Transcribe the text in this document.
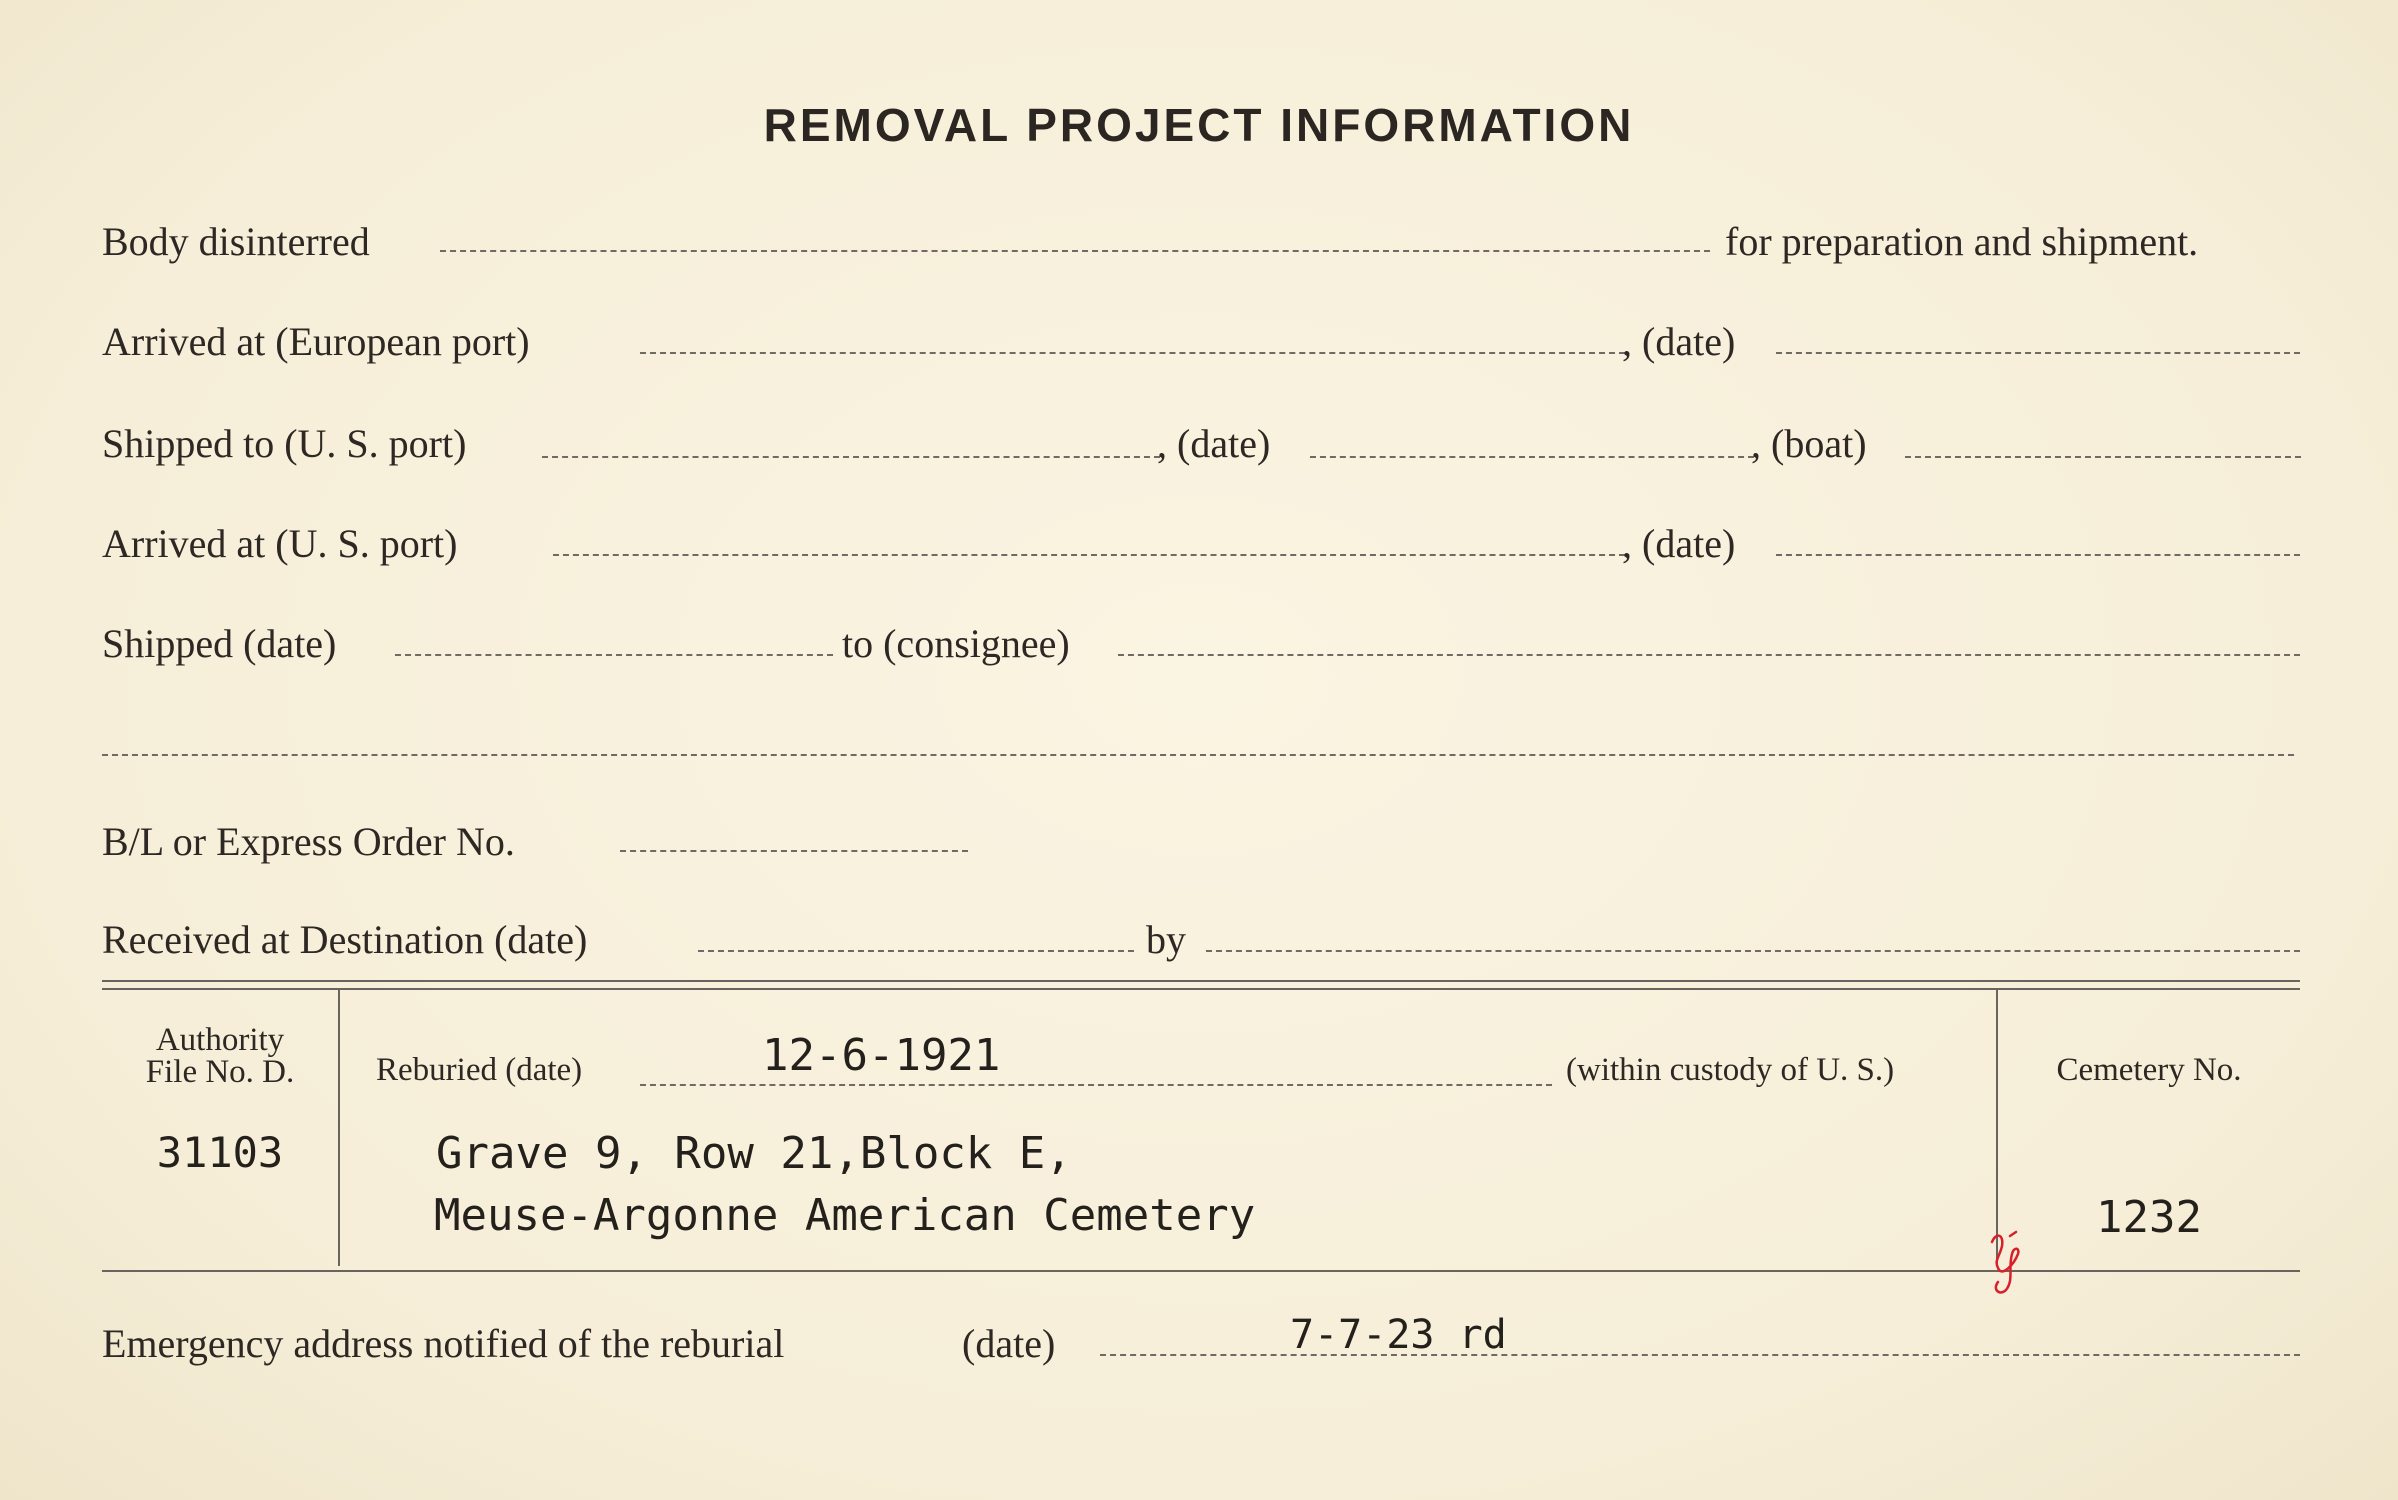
REMOVAL PROJECT INFORMATION
Body disinterred	for preparation and shipment.
Arrived at (European port)	, (date)
Shipped to (U. S. port)	, (date)	, (boat)
Arrived at (U. S. port)	, (date)
Shipped (date)	to (consignee)
B/L or Express Order No.
Received at Destination (date)	by
Authority
File No. D.
31103
Reburied (date)	12-6-1921	(within custody of U. S.)
Grave 9, Row 21,Block E,
Meuse-Argonne American Cemetery
Cemetery No.
1232
Emergency address notified of the reburial	(date)	7-7-23 rd
